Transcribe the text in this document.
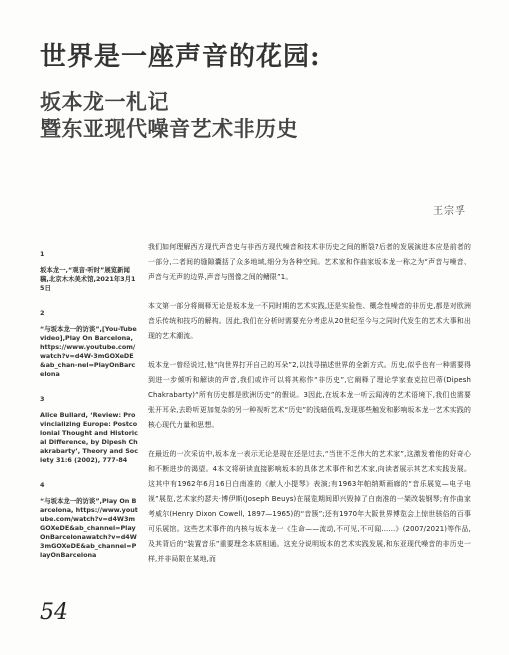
世界是一座声音的花园:
坂本龙一札记
暨东亚现代噪音艺术非历史
王宗孚
1
坂本龙一,“观音·听时”展览新闻稿,北京木木美术馆,2021年3月15日
2
“与坂本龙一的访谈”,[You-Tube video],Play On Barcelona, https://www.youtube.com/watch?v=d4W-3mGOXeDE&ab_chan-nel=PlayOnBarcelona
3
Alice Bullard, ‘Review: Provincializing Europe: Postcolonial Thought and Historical Difference, by Dipesh Chakrabarty’, Theory and Society 31:6 (2002), 777-84
4
“与坂本龙一的访谈”,Play On Barcelona, https://www.youtube.com/watch?v=d4W3mGOXeDE&ab_channel=PlayOnBarcelonawatch?v=d4W3mGOXeDE&ab_channel=PlayOnBarcelona

我们如何理解西方现代声音史与非西方现代噪音和技术非历史之间的断裂?后者的发展演进本应是前者的一部分,二者间的缝隙囊括了众多地域,细分为各种空间。艺术家和作曲家坂本龙一称之为“声音与噪音、声音与无声的边界,声音与图像之间的鳍限”1。

本文第一部分将阐释无论是坂本龙一不同时期的艺术实践,还是实验性、概念性噪音的非历史,都是对欧洲音乐传统和技巧的解构。因此,我们在分析时需要充分考虑从20世纪至今与之同时代发生的艺术大事和出现的艺术潮流。

坂本龙一曾经说过,他“向世界打开自己的耳朵”2,以找寻描述世界的全新方式。历史,似乎也有一种需要得到进一步倾听和解读的声音,我们或许可以将其称作“非历史”,它阐释了理论学家查克拉巴蒂(Dipesh Chakrabarty)“所有历史都是欧洲历史”的假说。3因此,在坂本龙一听云闻涛的艺术语境下,我们也需要张开耳朵,去聆听更加复杂的另一种视听艺术“历史”的浅暗低鸣,发现那些触发和影响坂本龙一艺术实践的核心现代力量和思想。

在最近的一次采访中,坂本龙一表示无论是现在还是过去,“当世不乏伟大的艺术家”,这激发着他的好奇心和不断进步的渴望。4本文将研读直接影响坂本的具体艺术事件和艺术家,向读者展示其艺术实践发展。这其中有1962年6月16日白南准的《献人小提琴》表演;有1963年帕纳斯画廊的“音乐展览—电子电视”展览,艺术家约瑟夫·博伊斯(Joseph Beuys)在展览期间即兴毁掉了白南准的一架改装钢琴;有作曲家考威尔(Henry Dixon Cowell, 1897—1965)的“音簇”;还有1970年大阪世界博览会上惊世骇俗的百事可乐展馆。这些艺术事件的内核与坂本龙一《生命——流动,不可见,不可闻……》(2007/2021)等作品,及其背后的“装置音乐”重要理念本质相通。这充分说明坂本的艺术实践发展,和东亚现代噪音的非历史一样,并非局限在某地,而

54
